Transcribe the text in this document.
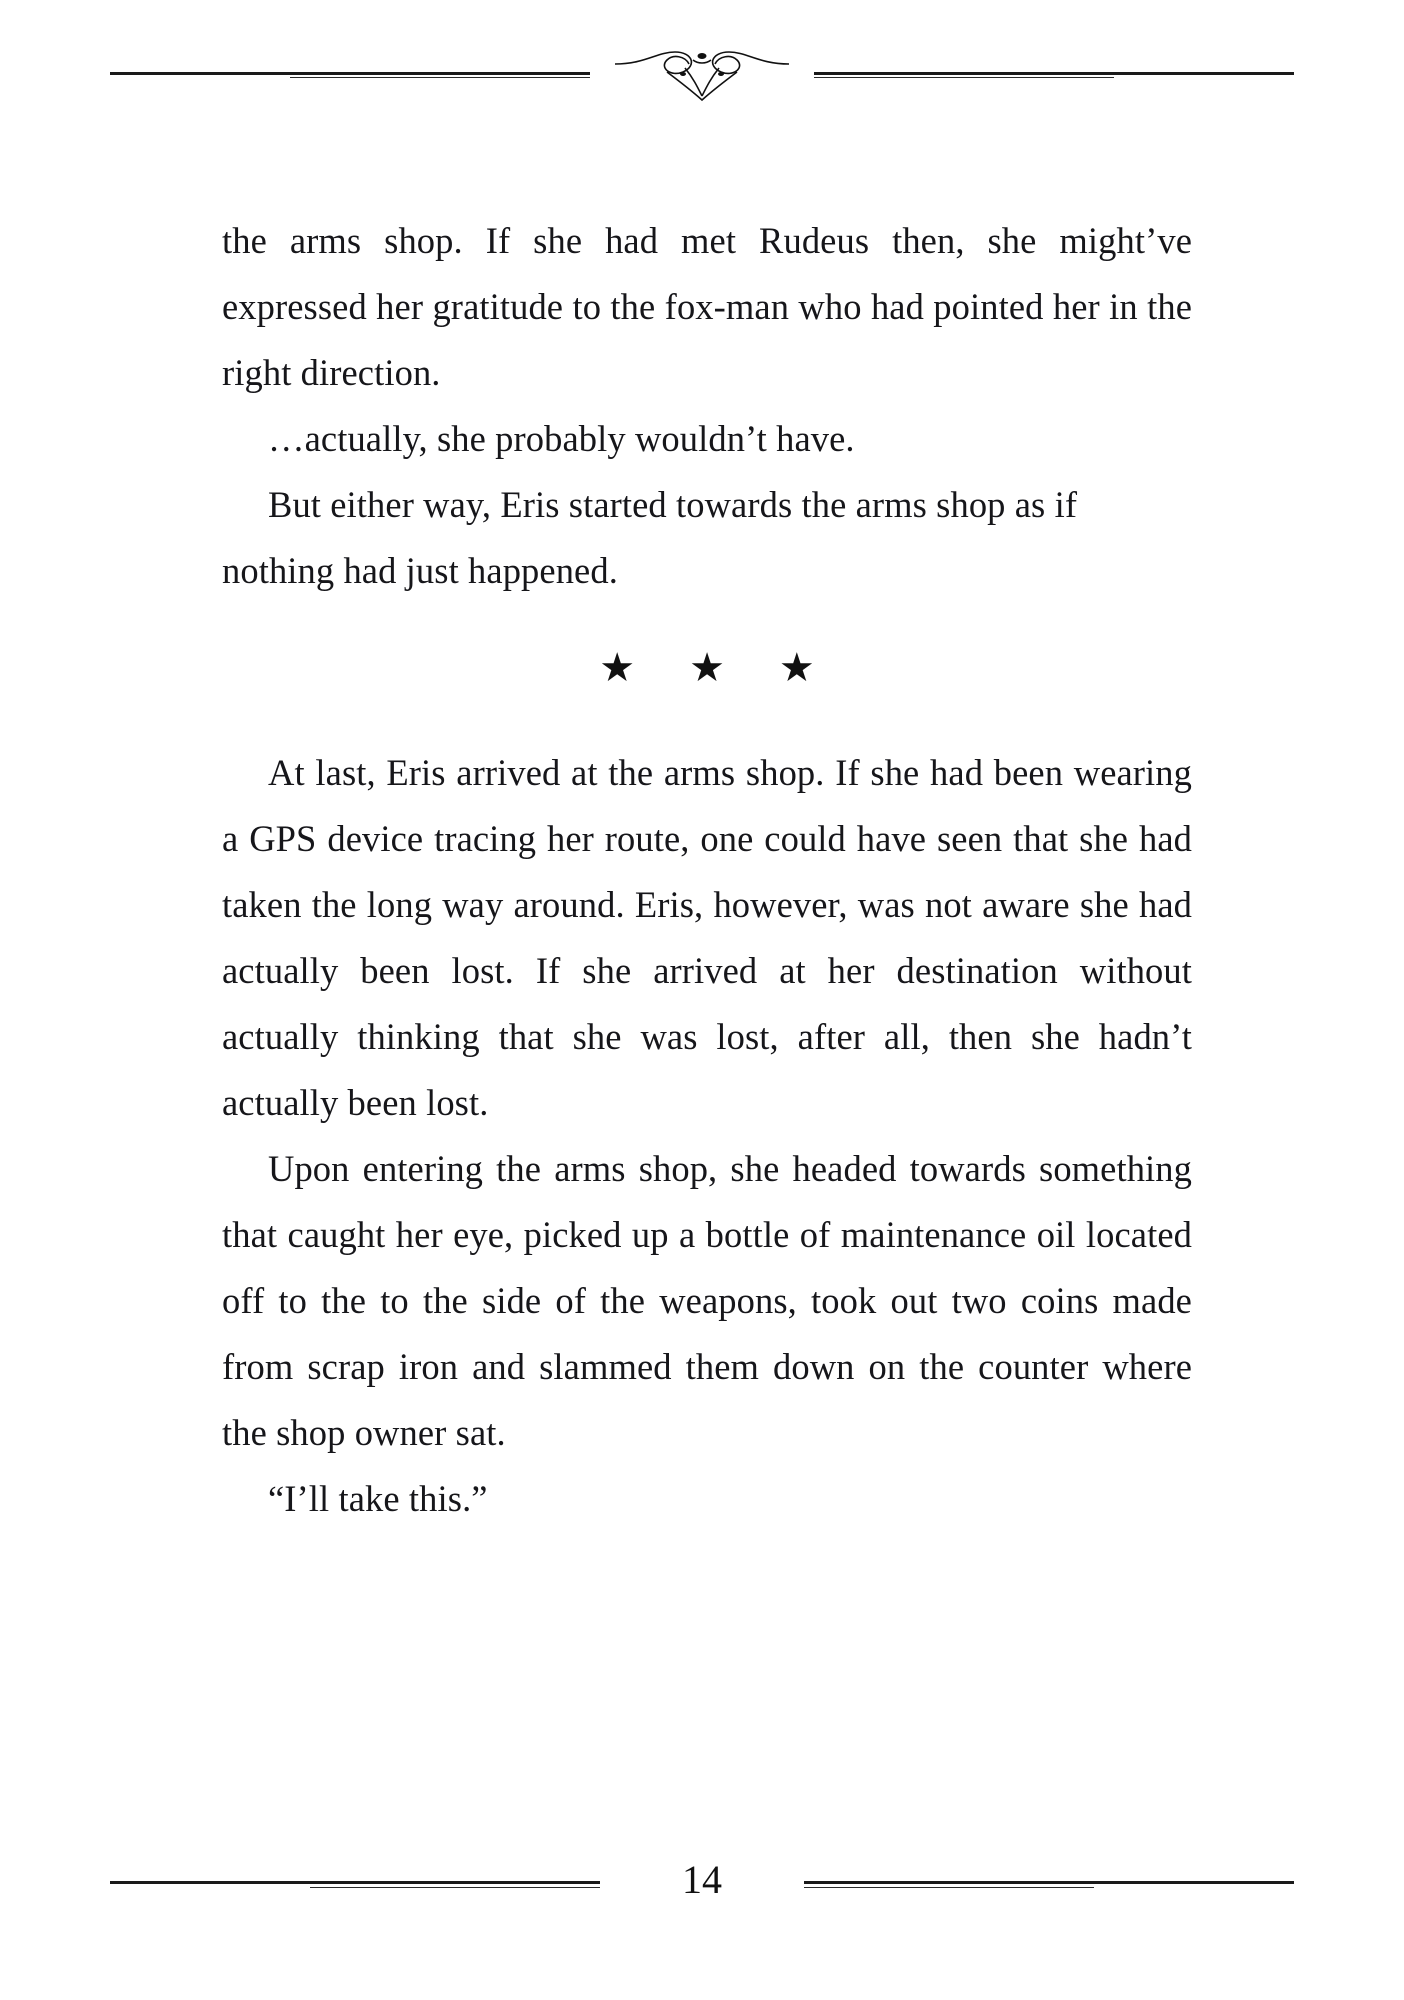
the arms shop. If she had met Rudeus then, she might’ve expressed her gratitude to the fox-man who had pointed her in the right direction.

…actually, she probably wouldn’t have.

But either way, Eris started towards the arms shop as if nothing had just happened.

★ ★ ★

At last, Eris arrived at the arms shop. If she had been wearing a GPS device tracing her route, one could have seen that she had taken the long way around. Eris, however, was not aware she had actually been lost. If she arrived at her destination without actually thinking that she was lost, after all, then she hadn’t actually been lost.

Upon entering the arms shop, she headed towards something that caught her eye, picked up a bottle of maintenance oil located off to the to the side of the weapons, took out two coins made from scrap iron and slammed them down on the counter where the shop owner sat.

“I’ll take this.”

14
